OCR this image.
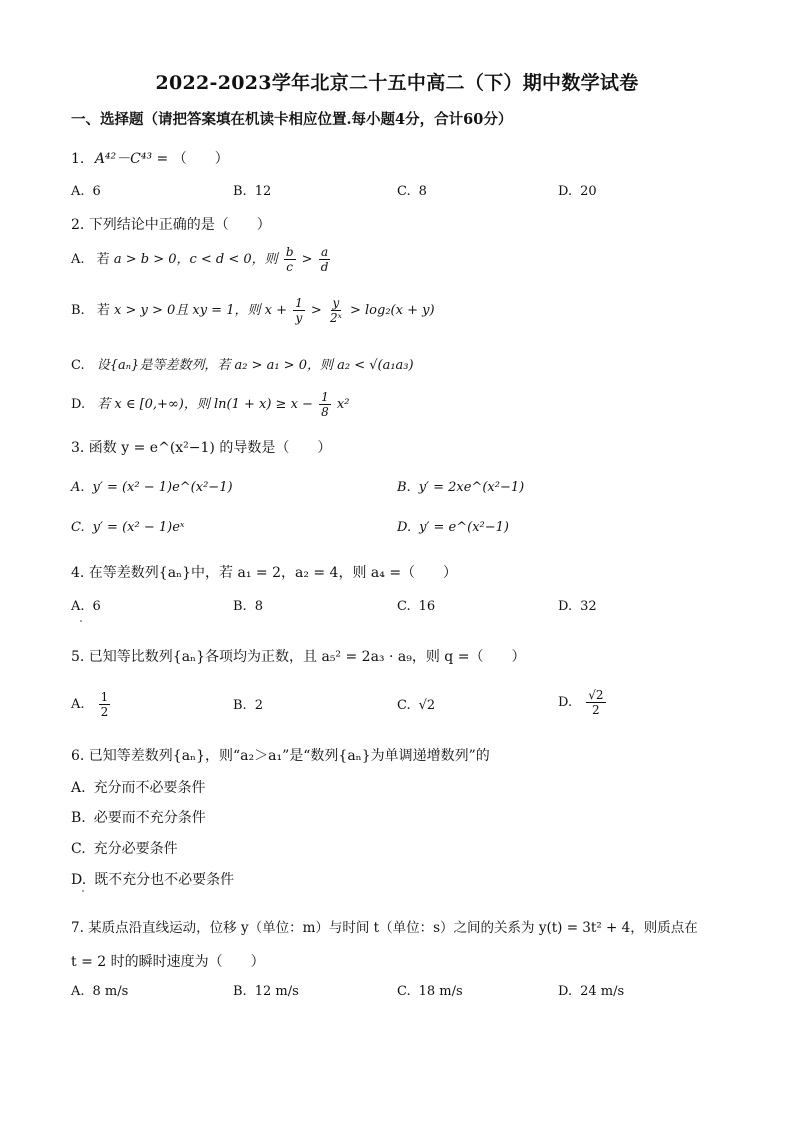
2022-2023学年北京二十五中高二（下）期中数学试卷
一、选择题（请把答案填在机读卡相应位置.每小题4分，合计60分）
1. A⁴²－C⁴³ = （　　）
A. 6	B. 12	C. 8	D. 20
2. 下列结论中正确的是（　　）
A. 若 a > b > 0，c < d < 0，则 $\frac{b}{c} > \frac{a}{d}$
B. 若 x > y > 0且 xy = 1，则 $x + \frac{1}{y} > \frac{y}{\text{2ˣ}} > \log_2(x + y)$
C. 设{aₙ}是等差数列，若 a₂ > a₁ > 0，则 a₂ < √(a₁a₃)
D. 若 x ∈ [0,+∞)，则 $\ln(1 + x) \ge x - \frac{1}{8} x^2$
3. 函数 y = e^(x²−1) 的导数是（　　）
A. y′ = (x² − 1)e^(x²−1)	B. y′ = 2xe^(x²−1)
C. y′ = (x² − 1)eˣ	D. y′ = e^(x²−1)
4. 在等差数列{aₙ}中，若 a₁ = 2，a₂ = 4，则 a₄ =（　　）
A. 6	B. 8	C. 16	D. 32
5. 已知等比数列{aₙ}各项均为正数，且 a₅² = 2a₃ · a₉，则 q =（　　）
A. $\frac{1}{2}$	B. 2	C. √2	D. $\frac{√2}{2}$
6. 已知等差数列{aₙ}，则“a₂＞a₁”是“数列{aₙ}为单调递增数列”的
A. 充分而不必要条件
B. 必要而不充分条件
C. 充分必要条件
D. 既不充分也不必要条件
7. 某质点沿直线运动，位移 y（单位：m）与时间 t（单位：s）之间的关系为 y(t) = 3t² + 4，则质点在
t = 2 时的瞬时速度为（　　）
A. 8 m/s	B. 12 m/s	C. 18 m/s	D. 24 m/s
